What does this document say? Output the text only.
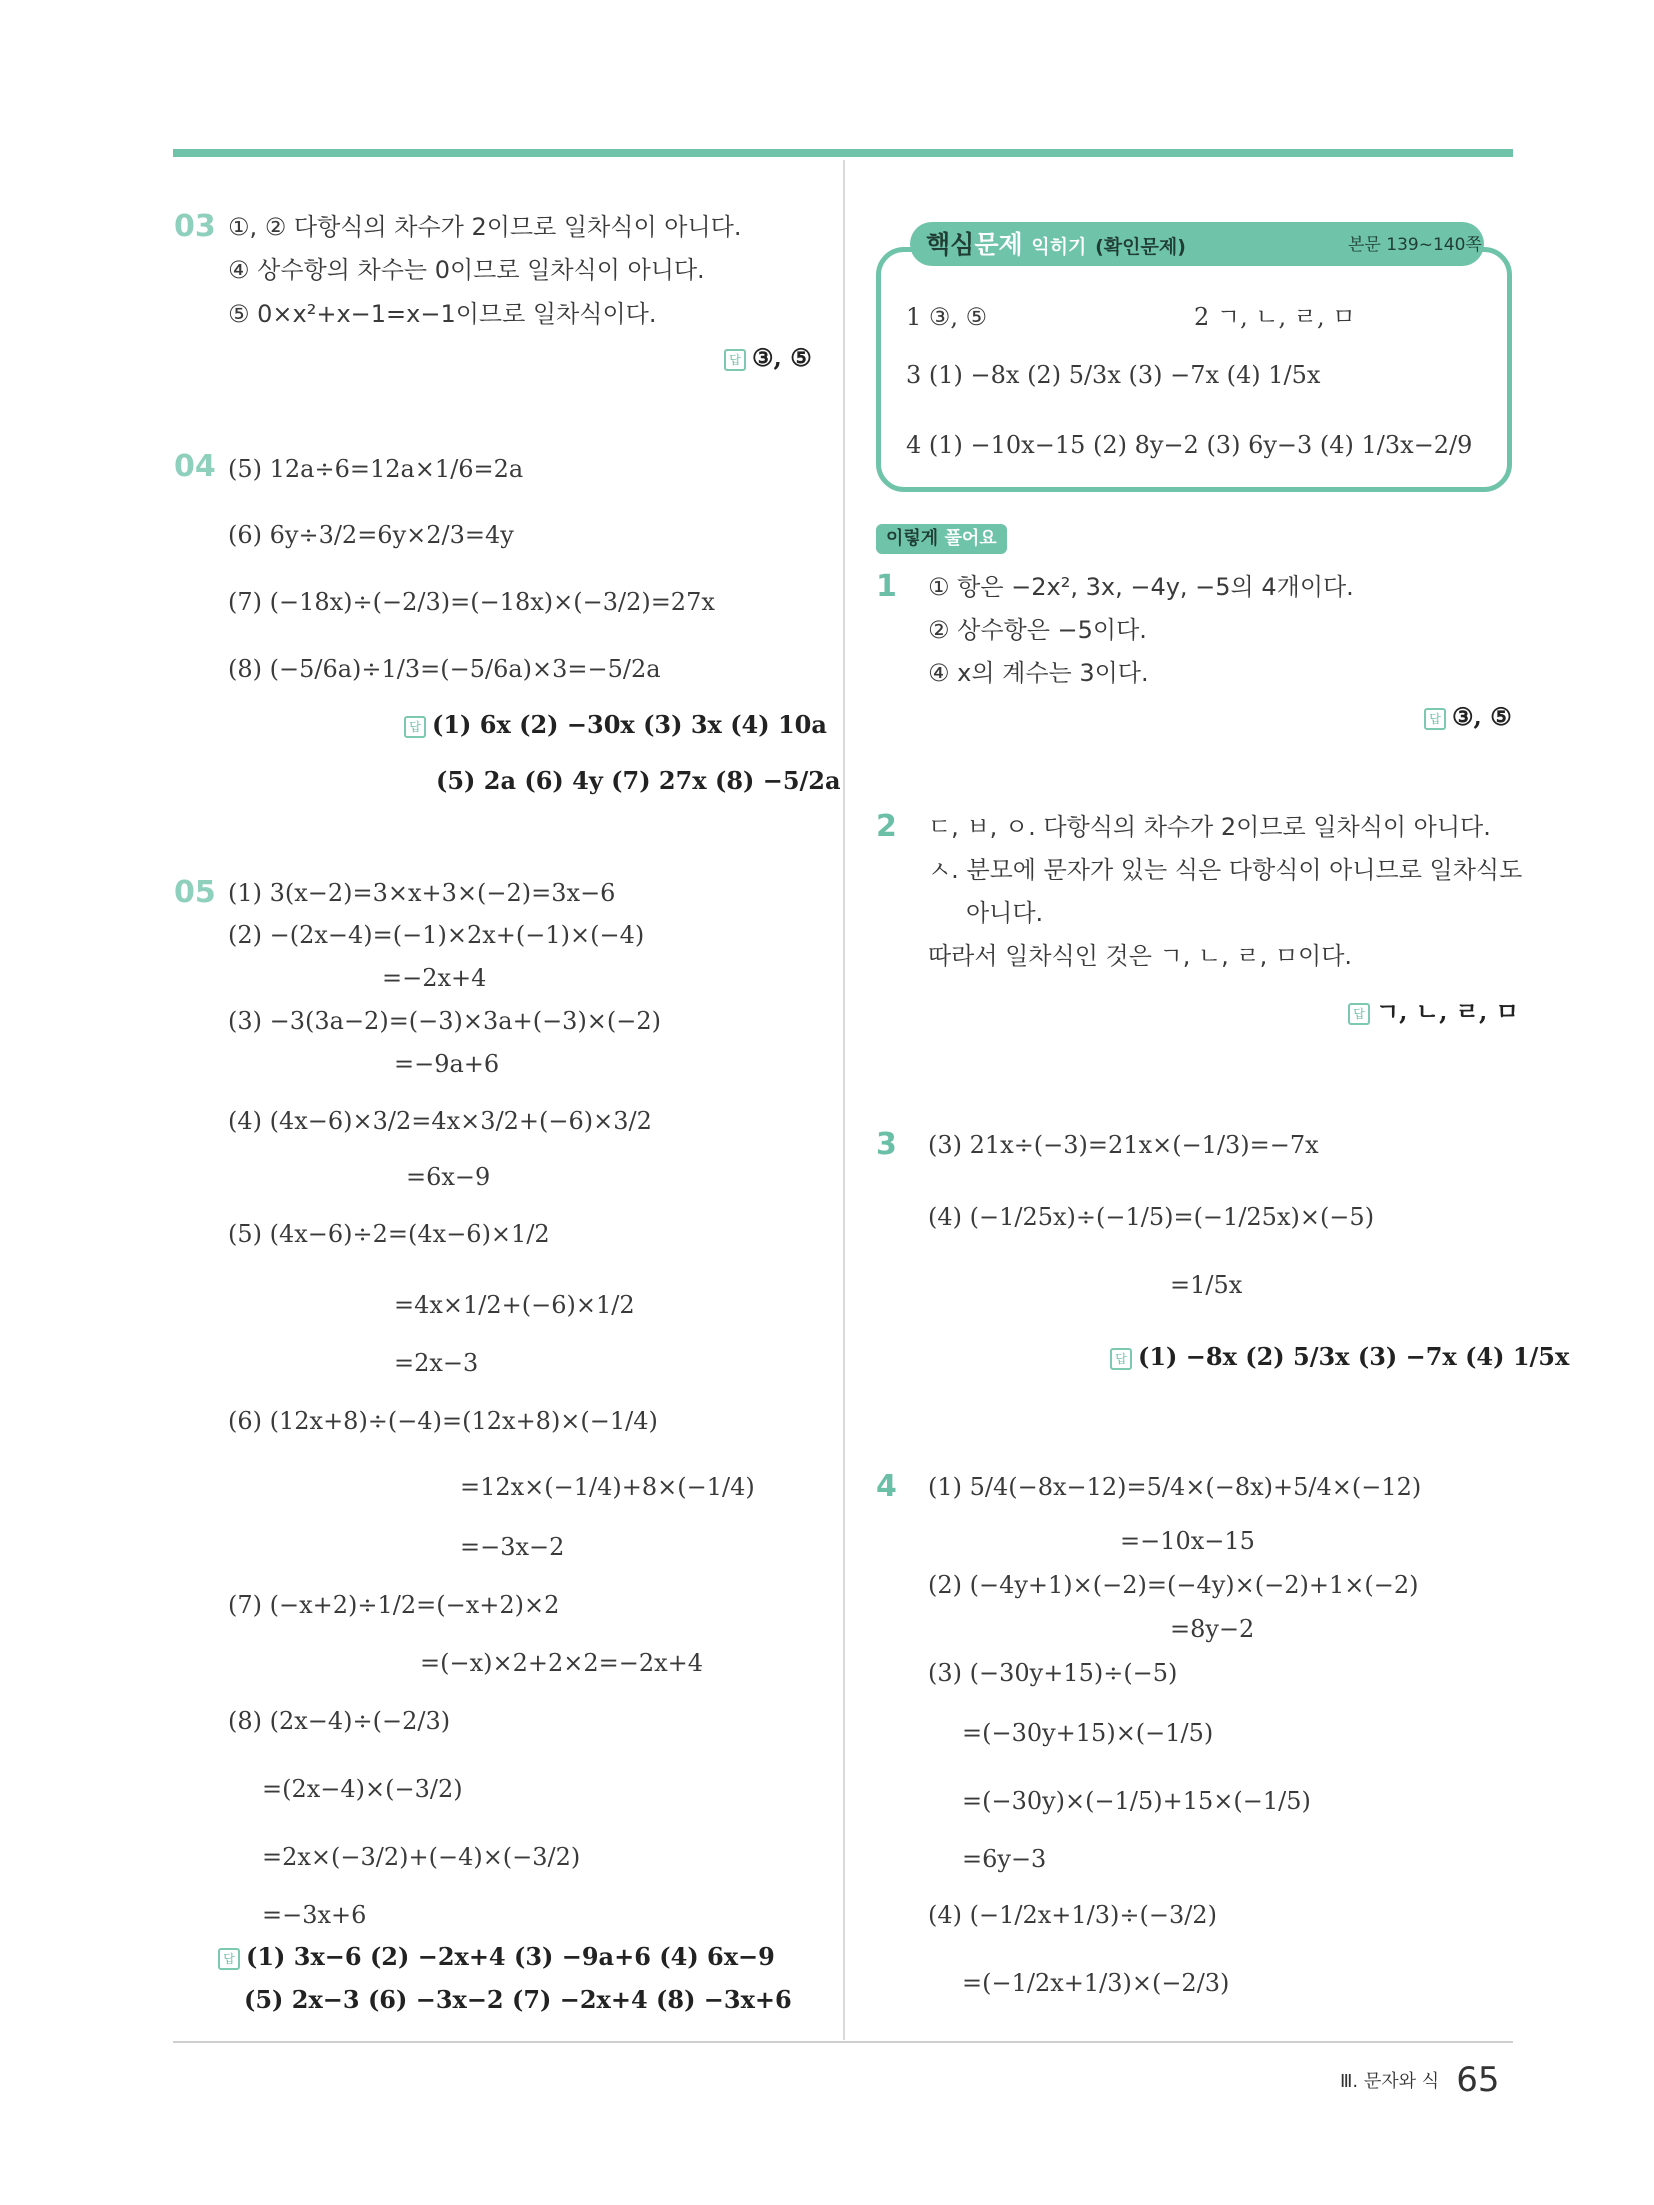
03 ①, ② 다항식의 차수가 2이므로 일차식이 아니다.
④ 상수항의 차수는 0이므로 일차식이 아니다.
⑤ 0×x²+x−1=x−1이므로 일차식이다.
답 ③, ⑤
04 (5) 12a÷6=12a×1/6=2a
(6) 6y÷3/2=6y×2/3=4y
(7) (−18x)÷(−2/3)=(−18x)×(−3/2)=27x
(8) (−5/6a)÷1/3=(−5/6a)×3=−5/2a
답 (1) 6x (2) −30x (3) 3x (4) 10a
(5) 2a (6) 4y (7) 27x (8) −5/2a
05 (1) 3(x−2)=3×x+3×(−2)=3x−6
(2) −(2x−4)=(−1)×2x+(−1)×(−4)
=−2x+4
(3) −3(3a−2)=(−3)×3a+(−3)×(−2)
=−9a+6
(4) (4x−6)×3/2=4x×3/2+(−6)×3/2
=6x−9
(5) (4x−6)÷2=(4x−6)×1/2
=4x×1/2+(−6)×1/2
=2x−3
(6) (12x+8)÷(−4)=(12x+8)×(−1/4)
=12x×(−1/4)+8×(−1/4)
=−3x−2
(7) (−x+2)÷1/2=(−x+2)×2
=(−x)×2+2×2=−2x+4
(8) (2x−4)÷(−2/3)
=(2x−4)×(−3/2)
=2x×(−3/2)+(−4)×(−3/2)
=−3x+6
답 (1) 3x−6 (2) −2x+4 (3) −9a+6 (4) 6x−9
(5) 2x−3 (6) −3x−2 (7) −2x+4 (8) −3x+6
핵심문제 익히기 (확인문제)	본문 139~140쪽
1 ③, ⑤	2 ㄱ, ㄴ, ㄹ, ㅁ
3 (1) −8x (2) 5/3x (3) −7x (4) 1/5x
4 (1) −10x−15 (2) 8y−2 (3) 6y−3 (4) 1/3x−2/9
이렇게 풀어요
1 ① 항은 −2x², 3x, −4y, −5의 4개이다.
② 상수항은 −5이다.
④ x의 계수는 3이다.
답 ③, ⑤
2 ㄷ, ㅂ, ㅇ. 다항식의 차수가 2이므로 일차식이 아니다.
ㅅ. 분모에 문자가 있는 식은 다항식이 아니므로 일차식도
아니다.
따라서 일차식인 것은 ㄱ, ㄴ, ㄹ, ㅁ이다.
답 ㄱ, ㄴ, ㄹ, ㅁ
3 (3) 21x÷(−3)=21x×(−1/3)=−7x
(4) (−1/25x)÷(−1/5)=(−1/25x)×(−5)
=1/5x
답 (1) −8x (2) 5/3x (3) −7x (4) 1/5x
4 (1) 5/4(−8x−12)=5/4×(−8x)+5/4×(−12)
=−10x−15
(2) (−4y+1)×(−2)=(−4y)×(−2)+1×(−2)
=8y−2
(3) (−30y+15)÷(−5)
=(−30y+15)×(−1/5)
=(−30y)×(−1/5)+15×(−1/5)
=6y−3
(4) (−1/2x+1/3)÷(−3/2)
=(−1/2x+1/3)×(−2/3)
Ⅲ. 문자와 식 65
